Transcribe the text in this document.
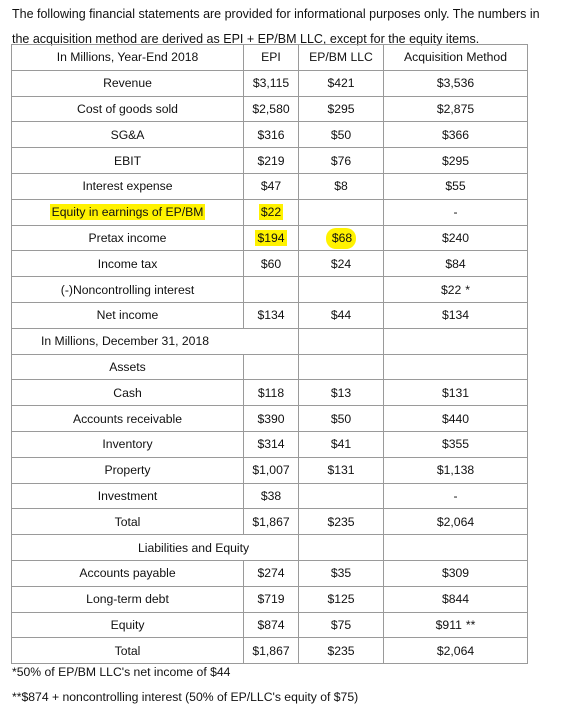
The following financial statements are provided for informational purposes only. The numbers in

the acquisition method are derived as EPI + EP/BM LLC, except for the equity items.

In Millions, Year-End 2018	EPI	EP/BM LLC	Acquisition Method
Revenue	$3,115	$421	$3,536
Cost of goods sold	$2,580	$295	$2,875
SG&A	$316	$50	$366
EBIT	$219	$76	$295
Interest expense	$47	$8	$55
Equity in earnings of EP/BM	$22		-
Pretax income	$194	$68	$240
Income tax	$60	$24	$84
(-)Noncontrolling interest			$22 *
Net income	$134	$44	$134
In Millions, December 31, 2018			
Assets			
Cash	$118	$13	$131
Accounts receivable	$390	$50	$440
Inventory	$314	$41	$355
Property	$1,007	$131	$1,138
Investment	$38		-
Total	$1,867	$235	$2,064
Liabilities and Equity			
Accounts payable	$274	$35	$309
Long-term debt	$719	$125	$844
Equity	$874	$75	$911 **
Total	$1,867	$235	$2,064
*50% of EP/BM LLC's net income of $44
**$874 + noncontrolling interest (50% of EP/LLC's equity of $75)
